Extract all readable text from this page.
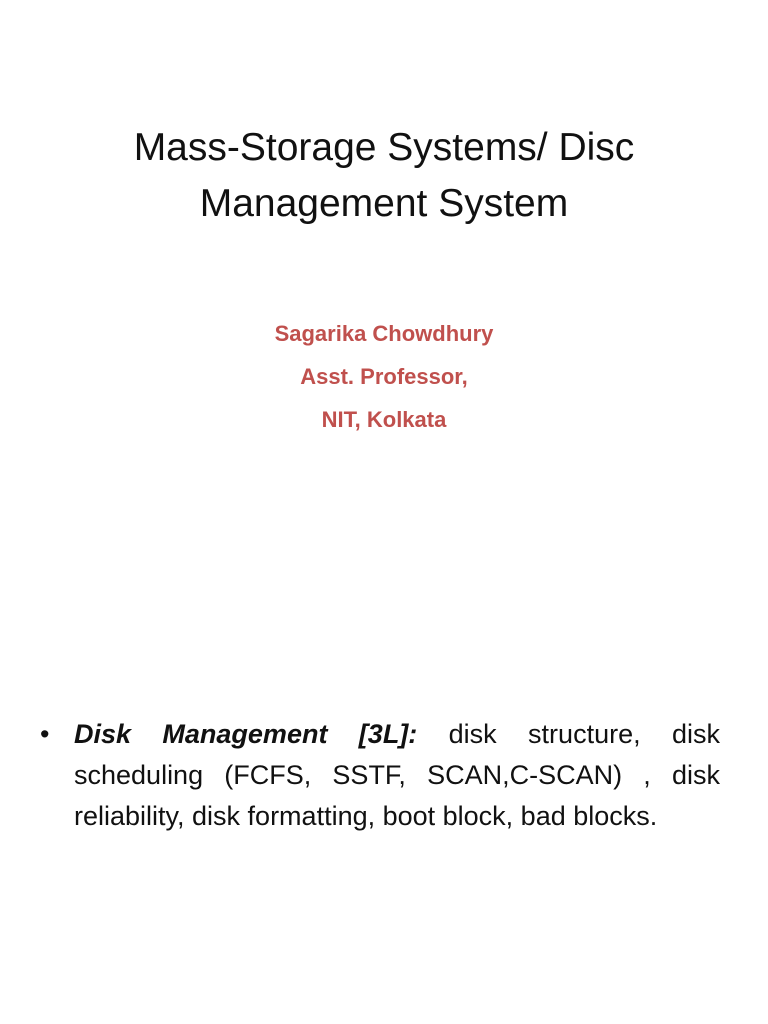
Mass-Storage Systems/ Disc
Management System
Sagarika Chowdhury
Asst. Professor,
NIT, Kolkata
• Disk Management [3L]: disk structure, disk scheduling (FCFS, SSTF, SCAN,C-SCAN) , disk reliability, disk formatting, boot block, bad blocks.
